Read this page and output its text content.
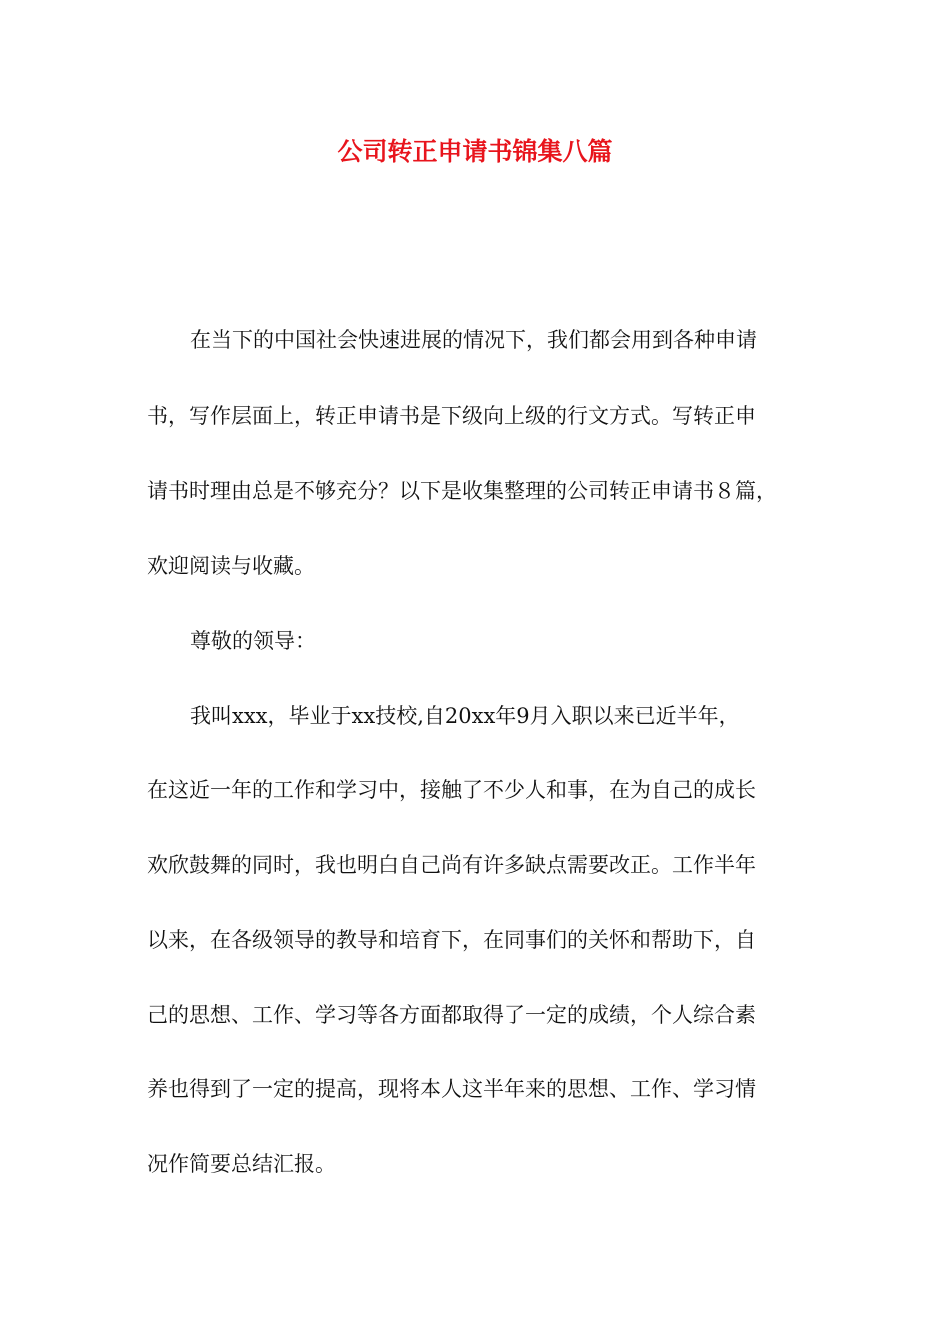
公司转正申请书锦集八篇

在当下的中国社会快速进展的情况下，我们都会用到各种申请

书，写作层面上，转正申请书是下级向上级的行文方式。写转正申

请书时理由总是不够充分？以下是收集整理的公司转正申请书８篇，

欢迎阅读与收藏。

尊敬的领导：

我叫xxx，毕业于xx技校,自20xx年9月入职以来已近半年，

在这近一年的工作和学习中，接触了不少人和事，在为自己的成长

欢欣鼓舞的同时，我也明白自己尚有许多缺点需要改正。工作半年

以来，在各级领导的教导和培育下，在同事们的关怀和帮助下，自

己的思想、工作、学习等各方面都取得了一定的成绩，个人综合素

养也得到了一定的提高，现将本人这半年来的思想、工作、学习情

况作简要总结汇报。
